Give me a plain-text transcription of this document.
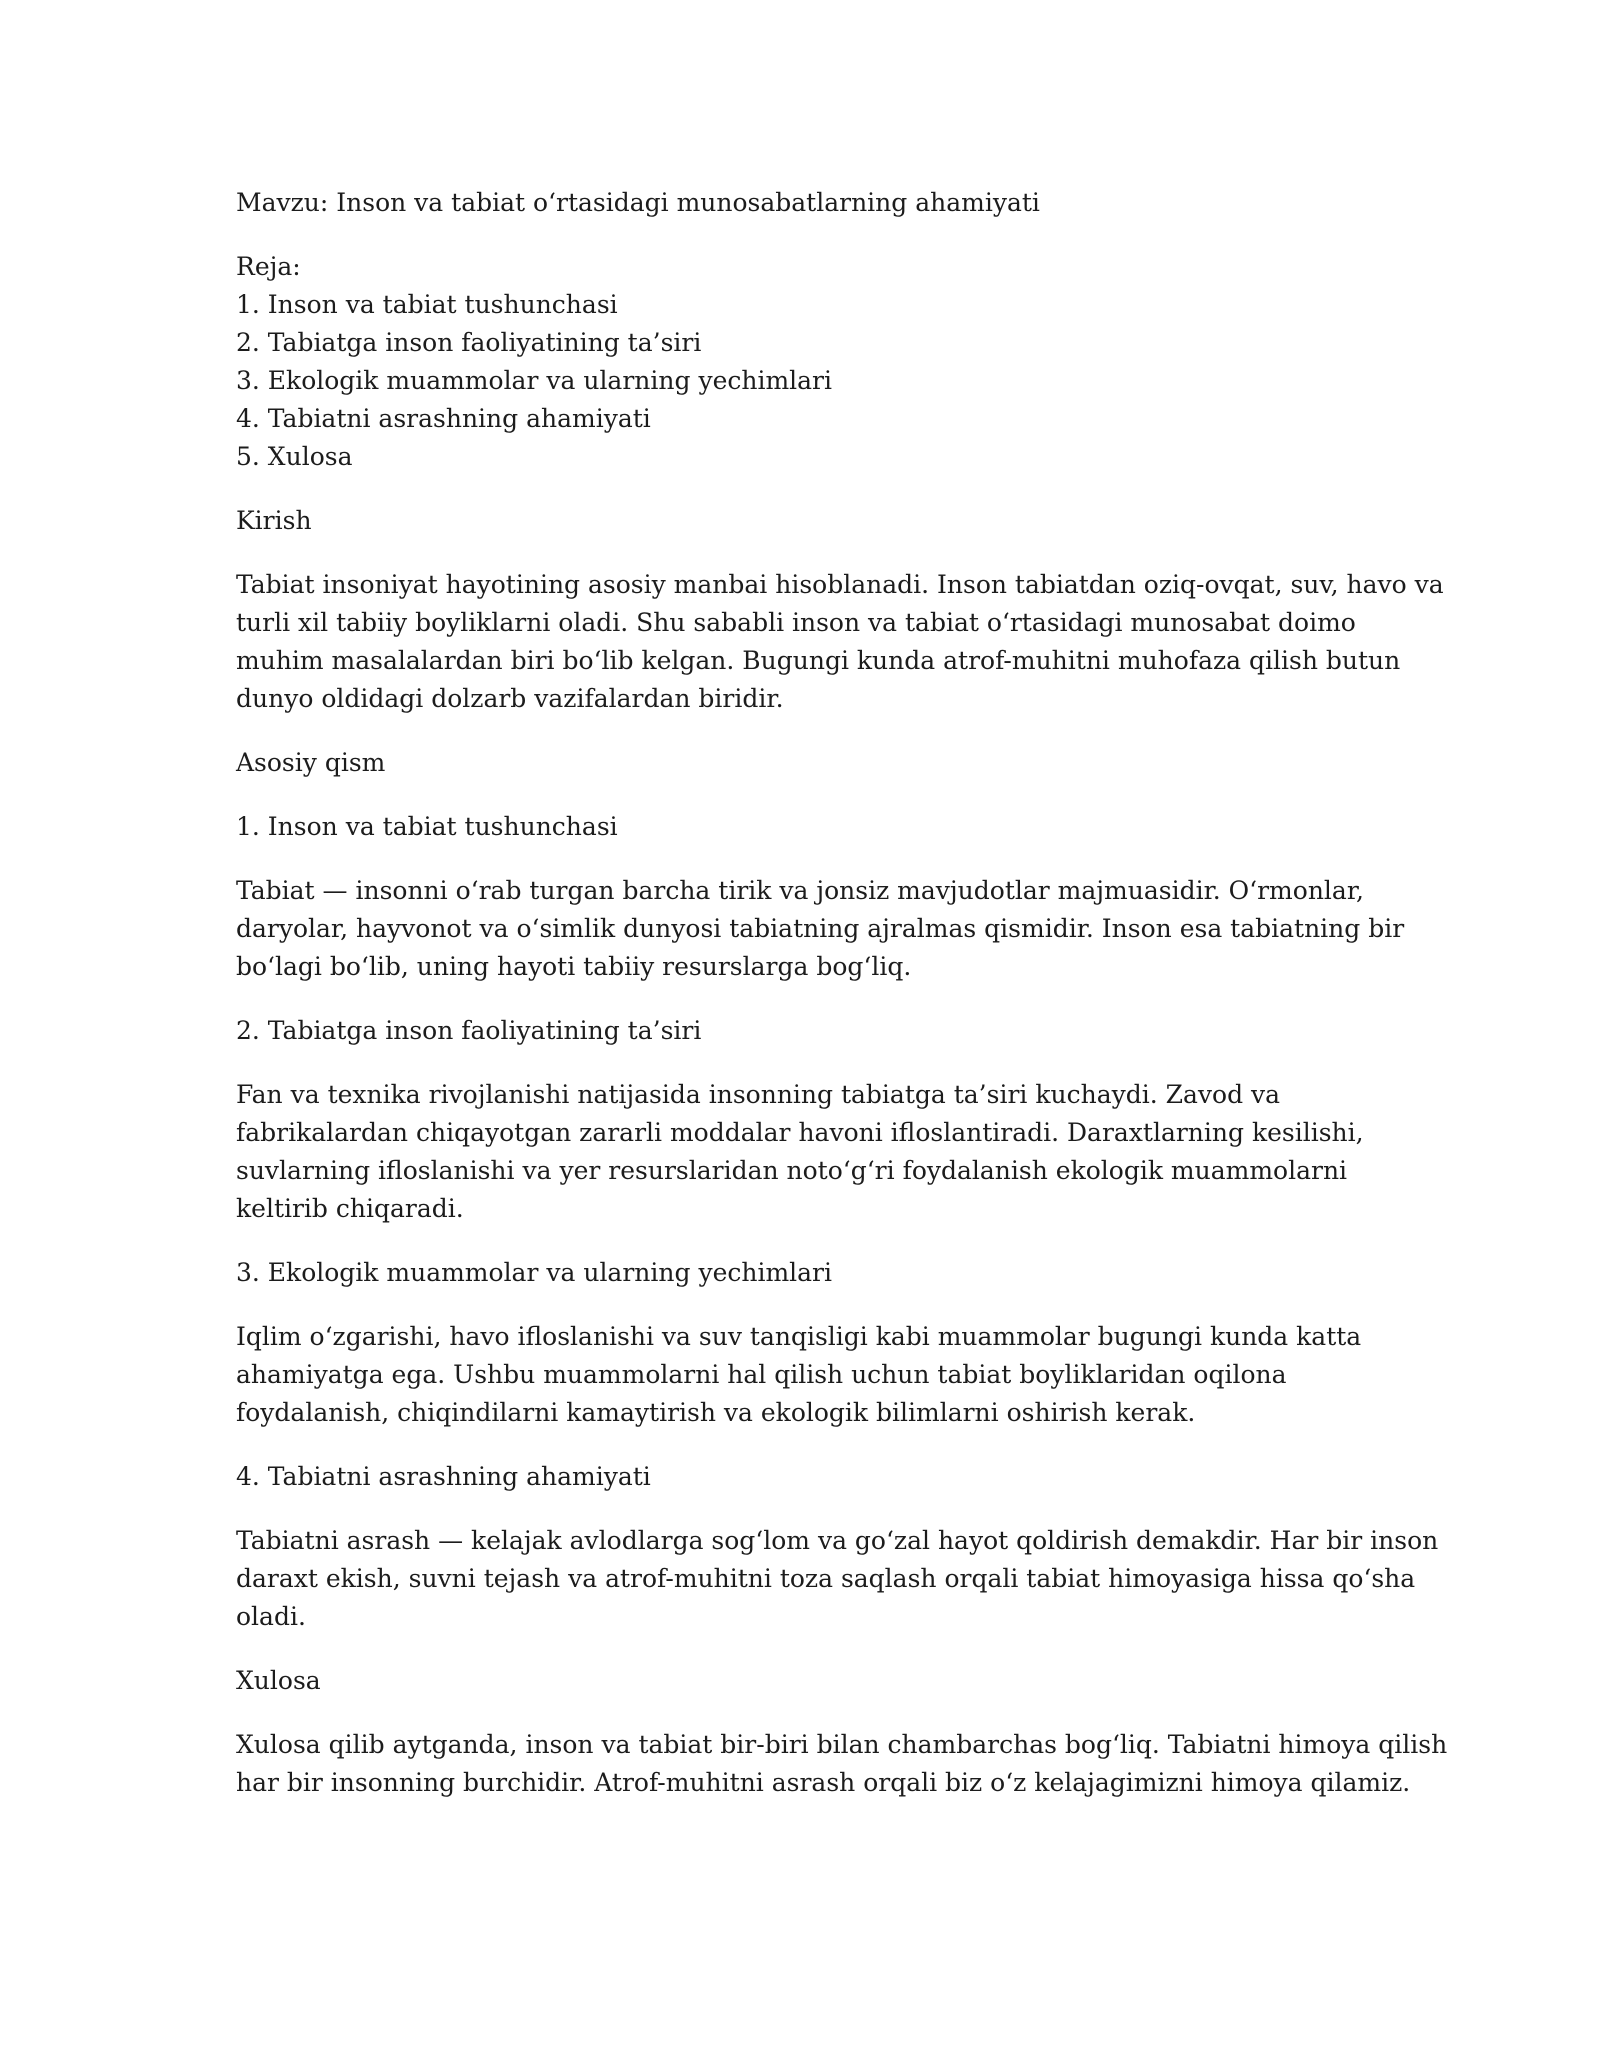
Mavzu: Inson va tabiat o‘rtasidagi munosabatlarning ahamiyati
Reja:
1. Inson va tabiat tushunchasi
2. Tabiatga inson faoliyatining ta’siri
3. Ekologik muammolar va ularning yechimlari
4. Tabiatni asrashning ahamiyati
5. Xulosa
Kirish
Tabiat insoniyat hayotining asosiy manbai hisoblanadi. Inson tabiatdan oziq-ovqat, suv, havo va
turli xil tabiiy boyliklarni oladi. Shu sababli inson va tabiat o‘rtasidagi munosabat doimo
muhim masalalardan biri bo‘lib kelgan. Bugungi kunda atrof-muhitni muhofaza qilish butun
dunyo oldidagi dolzarb vazifalardan biridir.
Asosiy qism
1. Inson va tabiat tushunchasi
Tabiat — insonni o‘rab turgan barcha tirik va jonsiz mavjudotlar majmuasidir. O‘rmonlar,
daryolar, hayvonot va o‘simlik dunyosi tabiatning ajralmas qismidir. Inson esa tabiatning bir
bo‘lagi bo‘lib, uning hayoti tabiiy resurslarga bog‘liq.
2. Tabiatga inson faoliyatining ta’siri
Fan va texnika rivojlanishi natijasida insonning tabiatga ta’siri kuchaydi. Zavod va
fabrikalardan chiqayotgan zararli moddalar havoni ifloslantiradi. Daraxtlarning kesilishi,
suvlarning ifloslanishi va yer resurslaridan noto‘g‘ri foydalanish ekologik muammolarni
keltirib chiqaradi.
3. Ekologik muammolar va ularning yechimlari
Iqlim o‘zgarishi, havo ifloslanishi va suv tanqisligi kabi muammolar bugungi kunda katta
ahamiyatga ega. Ushbu muammolarni hal qilish uchun tabiat boyliklaridan oqilona
foydalanish, chiqindilarni kamaytirish va ekologik bilimlarni oshirish kerak.
4. Tabiatni asrashning ahamiyati
Tabiatni asrash — kelajak avlodlarga sog‘lom va go‘zal hayot qoldirish demakdir. Har bir inson
daraxt ekish, suvni tejash va atrof-muhitni toza saqlash orqali tabiat himoyasiga hissa qo‘sha
oladi.
Xulosa
Xulosa qilib aytganda, inson va tabiat bir-biri bilan chambarchas bog‘liq. Tabiatni himoya qilish
har bir insonning burchidir. Atrof-muhitni asrash orqali biz o‘z kelajagimizni himoya qilamiz.
